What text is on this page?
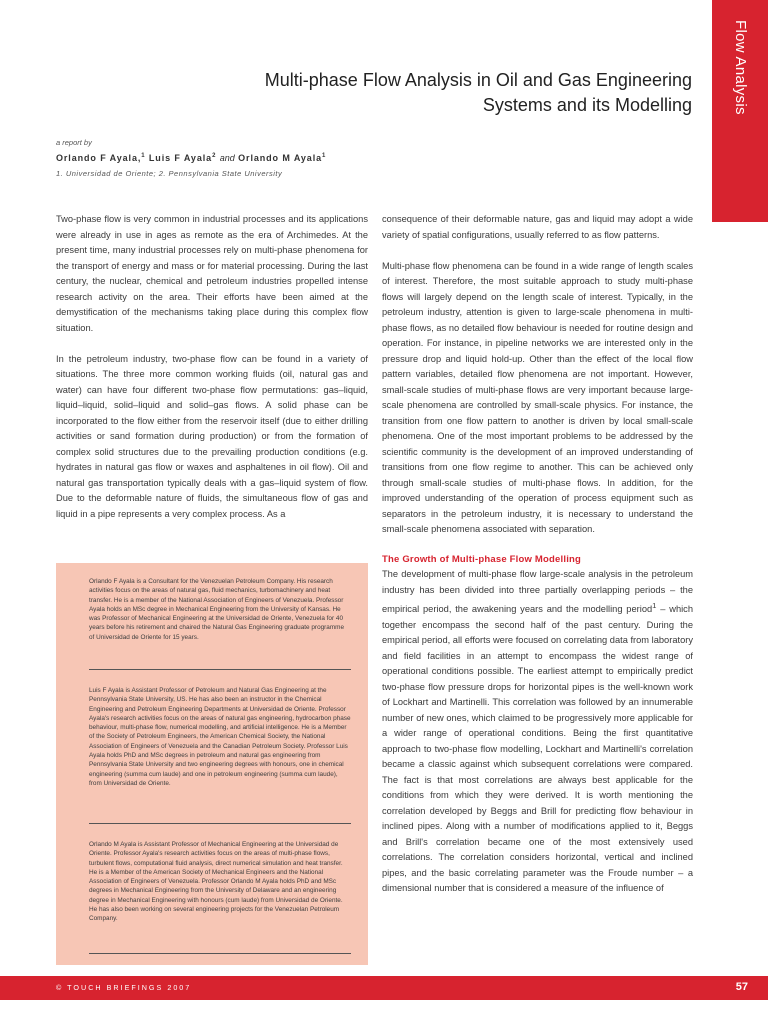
Flow Analysis
Multi-phase Flow Analysis in Oil and Gas Engineering
Systems and its Modelling
a report by
Orlando F Ayala,$^1$ Luis F Ayala$^2$ and Orlando M Ayala$^1$
1. Universidad de Oriente; 2. Pennsylvania State University

Two-phase flow is very common in industrial processes and its applications were already in use in ages as remote as the era of Archimedes. At the present time, many industrial processes rely on multi-phase phenomena for the transport of energy and mass or for material processing. During the last century, the nuclear, chemical and petroleum industries propelled intense research activity on the area. Their efforts have been aimed at the demystification of the mechanisms taking place during this complex flow situation.

In the petroleum industry, two-phase flow can be found in a variety of situations. The three more common working fluids (oil, natural gas and water) can have four different two-phase flow permutations: gas–liquid, liquid–liquid, solid–liquid and solid–gas flows. A solid phase can be incorporated to the flow either from the reservoir itself (due to either drilling activities or sand formation during production) or from the formation of complex solid structures due to the prevailing production conditions (e.g. hydrates in natural gas flow or waxes and asphaltenes in oil flow). Oil and natural gas transportation typically deals with a gas–liquid system of flow. Due to the deformable nature of fluids, the simultaneous flow of gas and liquid in a pipe represents a very complex process. As a

Orlando F Ayala is a Consultant for the Venezuelan Petroleum Company. His research activities focus on the areas of natural gas, fluid mechanics, turbomachinery and heat transfer. He is a member of the National Association of Engineers of Venezuela. Professor Ayala holds an MSc degree in Mechanical Engineering from the University of Kansas. He was Professor of Mechanical Engineering at the Universidad de Oriente, Venezuela for 40 years before his retirement and chaired the Natural Gas Engineering graduate programme of Universidad de Oriente for 15 years.
Luis F Ayala is Assistant Professor of Petroleum and Natural Gas Engineering at the Pennsylvania State University, US. He has also been an instructor in the Chemical Engineering and Petroleum Engineering Departments at Universidad de Oriente. Professor Ayala's research activities focus on the areas of natural gas engineering, hydrocarbon phase behaviour, multi-phase flow, numerical modelling, and artificial intelligence. He is a Member of the Society of Petroleum Engineers, the American Chemical Society, the National Association of Engineers of Venezuela and the Canadian Petroleum Society. Professor Luis Ayala holds PhD and MSc degrees in petroleum and natural gas engineering from Pennsylvania State University and two engineering degrees with honours, one in chemical engineering (summa cum laude) and one in petroleum engineering (summa cum laude), from Universidad de Oriente.
Orlando M Ayala is Assistant Professor of Mechanical Engineering at the Universidad de Oriente. Professor Ayala's research activities focus on the areas of multi-phase flows, turbulent flows, computational fluid analysis, direct numerical simulation and heat transfer. He is a Member of the American Society of Mechanical Engineers and the National Association of Engineers of Venezuela. Professor Orlando M Ayala holds PhD and MSc degrees in Mechanical Engineering from the University of Delaware and an engineering degree in Mechanical Engineering with honours (cum laude) from Universidad de Oriente. He has also been working on several engineering projects for the Venezuelan Petroleum Company.

consequence of their deformable nature, gas and liquid may adopt a wide variety of spatial configurations, usually referred to as flow patterns.

Multi-phase flow phenomena can be found in a wide range of length scales of interest. Therefore, the most suitable approach to study multi-phase flows will largely depend on the length scale of interest. Typically, in the petroleum industry, attention is given to large-scale phenomena in multi-phase flows, as no detailed flow behaviour is needed for routine design and operation. For instance, in pipeline networks we are interested only in the pressure drop and liquid hold-up. Other than the effect of the local flow pattern variables, detailed flow phenomena are not important. However, small-scale studies of multi-phase flows are very important because large-scale phenomena are controlled by small-scale physics. For instance, the transition from one flow pattern to another is driven by local small-scale phenomena. One of the most important problems to be addressed by the scientific community is the development of an improved understanding of transitions from one flow regime to another. This can be achieved only through small-scale studies of multi-phase flows. In addition, for the improved understanding of the operation of process equipment such as separators in the petroleum industry, it is necessary to understand the small-scale phenomena associated with separation.

The Growth of Multi-phase Flow Modelling

The development of multi-phase flow large-scale analysis in the petroleum industry has been divided into three partially overlapping periods – the empirical period, the awakening years and the modelling period$^1$ – which together encompass the second half of the past century. During the empirical period, all efforts were focused on correlating data from laboratory and field facilities in an attempt to encompass the widest range of operational conditions possible. The earliest attempt to empirically predict two-phase flow pressure drops for horizontal pipes is the well-known work of Lockhart and Martinelli. This correlation was followed by an innumerable number of new ones, which claimed to be progressively more applicable for a wider range of operational conditions. Being the first quantitative approach to two-phase flow modelling, Lockhart and Martinelli's correlation became a classic against which subsequent correlations were compared. The fact is that most correlations are always best applicable for the conditions from which they were derived. It is worth mentioning the correlation developed by Beggs and Brill for predicting flow behaviour in inclined pipes. Along with a number of modifications applied to it, Beggs and Brill's correlation became one of the most extensively used correlations. The correlation considers horizontal, vertical and inclined pipes, and the basic correlating parameter was the Froude number – a dimensional number that is considered a measure of the influence of

© TOUCH BRIEFINGS 2007	57
